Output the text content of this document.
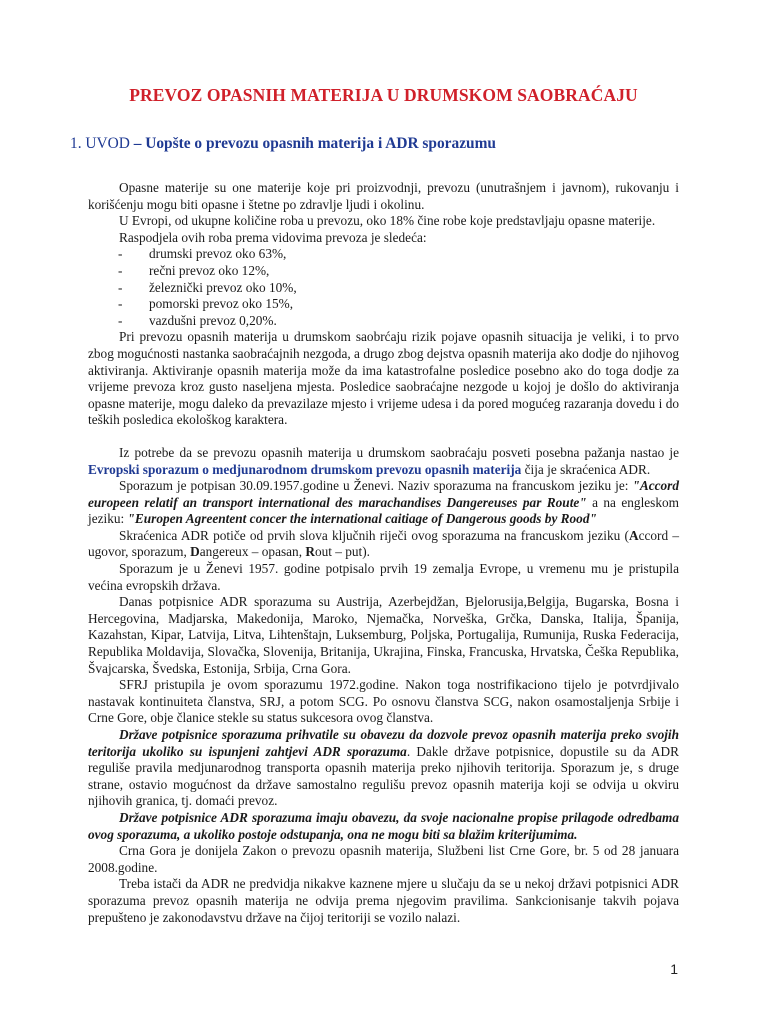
PREVOZ OPASNIH MATERIJA U DRUMSKOM SAOBRAĆAJU
1. UVOD – Uopšte o prevozu opasnih materija i ADR sporazumu

Opasne materije su one materije koje pri proizvodnji, prevozu (unutrašnjem i javnom), rukovanju i korišćenju mogu biti opasne i štetne po zdravlje ljudi i okolinu.

U Evropi, od ukupne količine roba u prevozu, oko 18% čine robe koje predstavljaju opasne materije.

Raspodjela ovih roba prema vidovima prevoza je sledeća:

- drumski prevoz oko 63%,
- rečni prevoz oko 12%,
- železnički prevoz oko 10%,
- pomorski prevoz oko 15%,
- vazdušni prevoz 0,20%.

Pri prevozu opasnih materija u drumskom saobrćaju rizik pojave opasnih situacija je veliki, i to prvo zbog mogućnosti nastanka saobraćajnih nezgoda, a drugo zbog dejstva opasnih materija ako dodje do njihovog aktiviranja. Aktiviranje opasnih materija može da ima katastrofalne posledice posebno ako do toga dodje za vrijeme prevoza kroz gusto naseljena mjesta. Posledice saobraćajne nezgode u kojoj je došlo do aktiviranja opasne materije, mogu daleko da prevazilaze mjesto i vrijeme udesa i da pored mogućeg razaranja dovedu i do teških posledica ekološkog karaktera.

Iz potrebe da se prevozu opasnih materija u drumskom saobraćaju posveti posebna pažanja nastao je Evropski sporazum o medjunarodnom drumskom prevozu opasnih materija čija je skraćenica ADR.

Sporazum je potpisan 30.09.1957.godine u Ženevi. Naziv sporazuma na francuskom jeziku je: "Accord europeen relatif an transport international des marachandises Dangereuses par Route" a na engleskom jeziku: "Europen Agreentent concer the international caitiage of Dangerous goods by Rood"

Skraćenica ADR potiče od prvih slova ključnih riječi ovog sporazuma na francuskom jeziku (Accord – ugovor, sporazum, Dangereux – opasan, Rout – put).

Sporazum je u Ženevi 1957. godine potpisalo prvih 19 zemalja Evrope, u vremenu mu je pristupila većina evropskih država.

Danas potpisnice ADR sporazuma su Austrija, Azerbejdžan, Bjelorusija,Belgija, Bugarska, Bosna i Hercegovina, Madjarska, Makedonija, Maroko, Njemačka, Norveška, Grčka, Danska, Italija, Španija, Kazahstan, Kipar, Latvija, Litva, Lihtenštajn, Luksemburg, Poljska, Portugalija, Rumunija, Ruska Federacija, Republika Moldavija, Slovačka, Slovenija, Britanija, Ukrajina, Finska, Francuska, Hrvatska, Češka Republika, Švajcarska, Švedska, Estonija, Srbija, Crna Gora.

SFRJ pristupila je ovom sporazumu 1972.godine. Nakon toga nostrifikaciono tijelo je potvrdjivalo nastavak kontinuiteta članstva, SRJ, a potom SCG. Po osnovu članstva SCG, nakon osamostaljenja Srbije i Crne Gore, obje članice stekle su status sukcesora ovog članstva.

Države potpisnice sporazuma prihvatile su obavezu da dozvole prevoz opasnih materija preko svojih teritorija ukoliko su ispunjeni zahtjevi ADR sporazuma. Dakle države potpisnice, dopustile su da ADR reguliše pravila medjunarodnog transporta opasnih materija preko njihovih teritorija. Sporazum je, s druge strane, ostavio mogućnost da države samostalno regulišu prevoz opasnih materija koji se odvija u okviru njihovih granica, tj. domaći prevoz.

Države potpisnice ADR sporazuma imaju obavezu, da svoje nacionalne propise prilagode odredbama ovog sporazuma, a ukoliko postoje odstupanja, ona ne mogu biti sa blažim kriterijumima.

Crna Gora je donijela Zakon o prevozu opasnih materija, Službeni list Crne Gore, br. 5 od 28 januara 2008.godine.

Treba istači da ADR ne predvidja nikakve kaznene mjere u slučaju da se u nekoj državi potpisnici ADR sporazuma prevoz opasnih materija ne odvija prema njegovim pravilima. Sankcionisanje takvih pojava prepušteno je zakonodavstvu države na čijoj teritoriji se vozilo nalazi.

1
